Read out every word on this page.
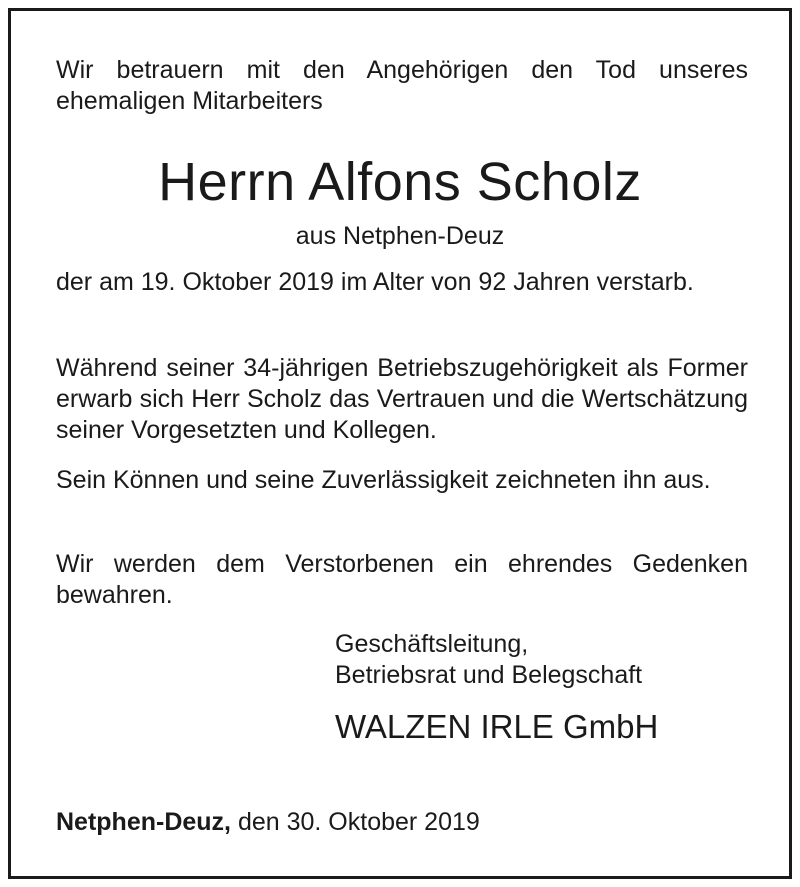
Wir betrauern mit den Angehörigen den Tod unseres ehemaligen Mitarbeiters

Herrn Alfons Scholz

aus Netphen-Deuz

der am 19. Oktober 2019 im Alter von 92 Jahren verstarb.

Während seiner 34-jährigen Betriebszugehörigkeit als Former erwarb sich Herr Scholz das Vertrauen und die Wertschätzung seiner Vorgesetzten und Kollegen.

Sein Können und seine Zuverlässigkeit zeichneten ihn aus.

Wir werden dem Verstorbenen ein ehrendes Gedenken bewahren.

Geschäftsleitung,

Betriebsrat und Belegschaft

WALZEN IRLE GmbH

Netphen-Deuz, den 30. Oktober 2019
